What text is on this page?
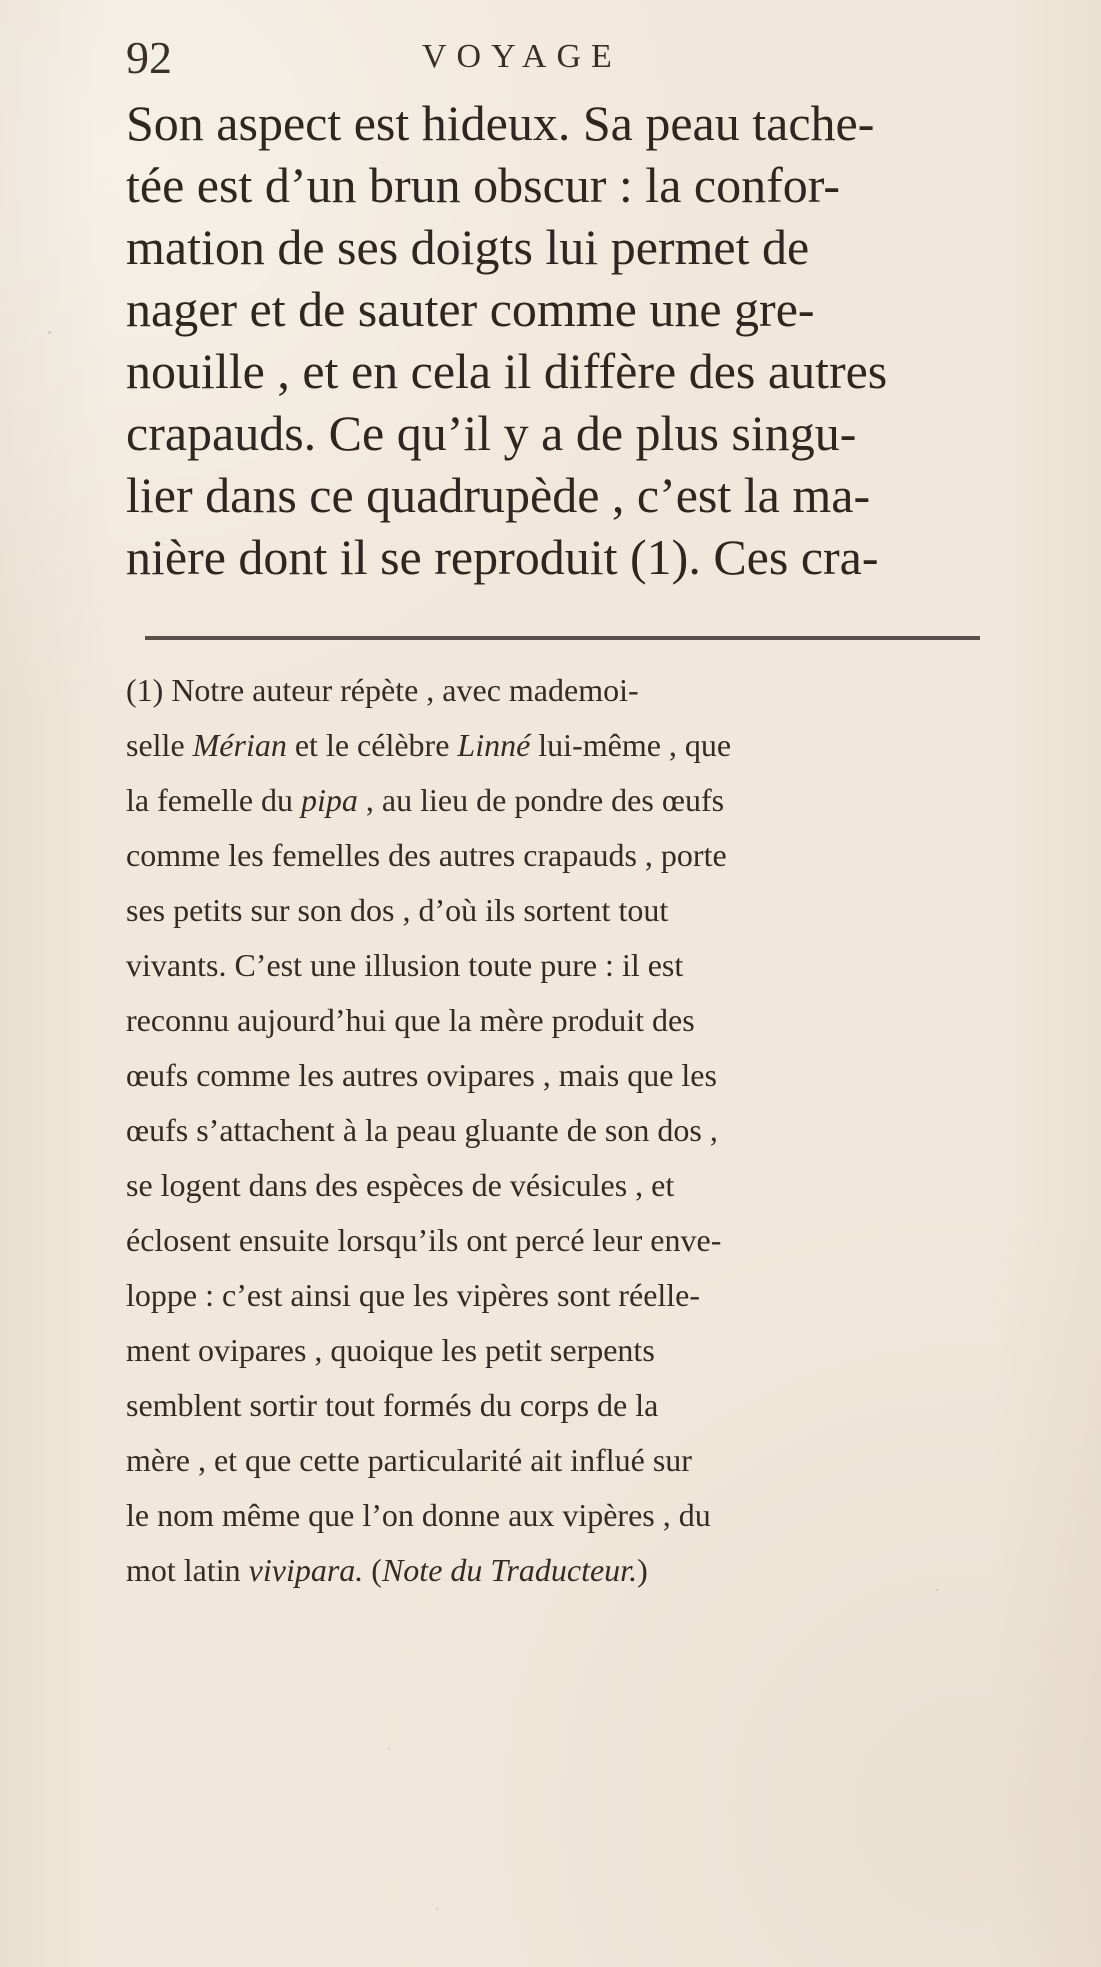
92	VOYAGE
Son aspect est hideux. Sa peau tache-
tée est d’un brun obscur : la confor-
mation de ses doigts lui permet de
nager et de sauter comme une gre-
nouille , et en cela il diffère des autres
crapauds. Ce qu’il y a de plus singu-
lier dans ce quadrupède , c’est la ma-
nière dont il se reproduit (1). Ces cra-
(1) Notre auteur répète , avec mademoi-
selle Mérian et le célèbre Linné lui-même , que
la femelle du pipa , au lieu de pondre des œufs
comme les femelles des autres crapauds , porte
ses petits sur son dos , d’où ils sortent tout
vivants. C’est une illusion toute pure : il est
reconnu aujourd’hui que la mère produit des
œufs comme les autres ovipares , mais que les
œufs s’attachent à la peau gluante de son dos ,
se logent dans des espèces de vésicules , et
éclosent ensuite lorsqu’ils ont percé leur enve-
loppe : c’est ainsi que les vipères sont réelle-
ment ovipares , quoique les petit serpents
semblent sortir tout formés du corps de la
mère , et que cette particularité ait influé sur
le nom même que l’on donne aux vipères , du
mot latin vivipara. (Note du Traducteur.)
